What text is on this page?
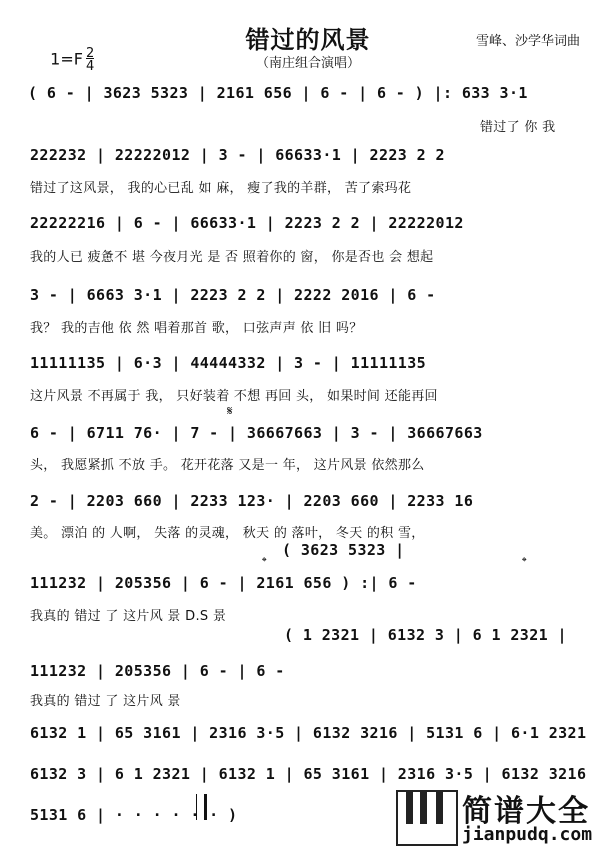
$1=F \frac{2}{4}$

错过的风景
（南庄组合演唱）
雪峰、沙学华词曲
( 6 - | 3623 5323 | 2161 656 | 6 - | 6 - ) |: 633 3·1
错过了 你 我
222232 | 22222012 | 3 - | 66633·1 | 2223 2 2
错过了这风景， 我的心已乱 如 麻， 瘦了我的羊群， 苦了索玛花
22222216 | 6 - | 66633·1 | 2223 2 2 | 22222012
我的人已 疲惫不 堪 今夜月光 是 否 照着你的 窗， 你是否也 会 想起
3 - | 6663 3·1 | 2223 2 2 | 2222 2016 | 6 -
我？ 我的吉他 依 然 唱着那首 歌， 口弦声声 依 旧 吗？
11111135 | 6·3 | 44444332 | 3 - | 11111135
这片风景 不再属于 我， 只好装着 不想 再回 头， 如果时间 还能再回
𝄋
6 - | 6711 76· | 7 - | 36667663 | 3 - | 36667663
头， 我愿紧抓 不放 手。 花开花落 又是一 年， 这片风景 依然那么
2 - | 2203 660 | 2233 123· | 2203 660 | 2233 16
美。 漂泊 的 人啊， 失落 的灵魂， 秋天 的 落叶， 冬天 的积 雪，
( 3623 5323 |
𝄌	𝄌
111232 | 205356 | 6 - | 2161 656 ) :| 6 -
我真的 错过 了 这片风 景 D.S 景
( 1 2321 | 6132 3 | 6 1 2321 |
111232 | 205356 | 6 - | 6 -
我真的 错过 了 这片风 景
6132 1 | 65 3161 | 2316 3·5 | 6132 3216 | 5131 6 | 6·1 2321
6132 3 | 6 1 2321 | 6132 1 | 65 3161 | 2316 3·5 | 6132 3216
5131 6 | · · · · · · )

	简谱大全

jianpudq.com
